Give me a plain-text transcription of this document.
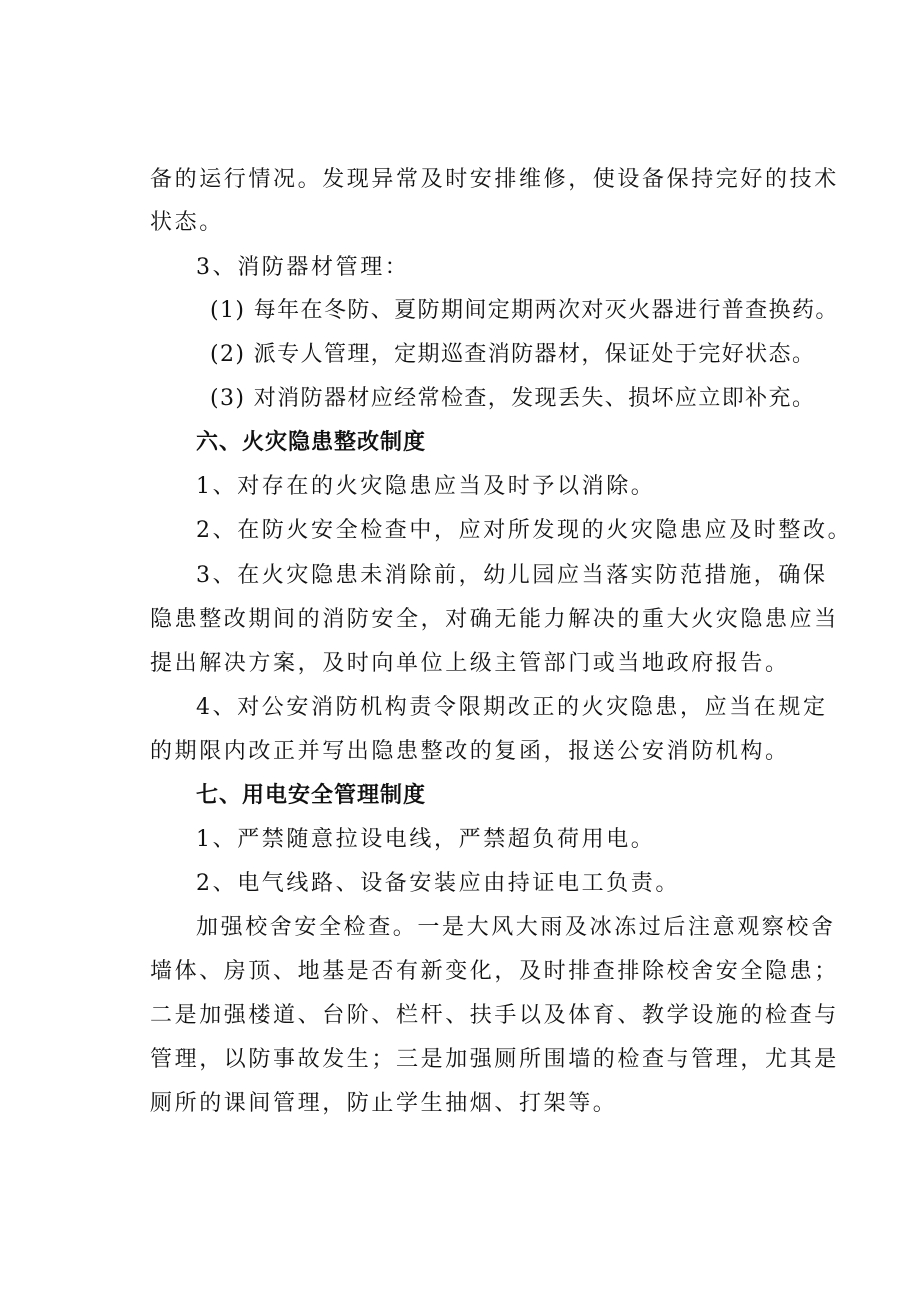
备的运行情况。发现异常及时安排维修，使设备保持完好的技术
状态。
3、消防器材管理：
(1) 每年在冬防、夏防期间定期两次对灭火器进行普查换药。
(2) 派专人管理，定期巡查消防器材，保证处于完好状态。
(3) 对消防器材应经常检查，发现丢失、损坏应立即补充。
六、火灾隐患整改制度
1、对存在的火灾隐患应当及时予以消除。
2、在防火安全检查中，应对所发现的火灾隐患应及时整改。
3、在火灾隐患未消除前，幼儿园应当落实防范措施，确保
隐患整改期间的消防安全，对确无能力解决的重大火灾隐患应当
提出解决方案，及时向单位上级主管部门或当地政府报告。
4、对公安消防机构责令限期改正的火灾隐患，应当在规定
的期限内改正并写出隐患整改的复函，报送公安消防机构。
七、用电安全管理制度
1、严禁随意拉设电线，严禁超负荷用电。
2、电气线路、设备安装应由持证电工负责。
加强校舍安全检查。一是大风大雨及冰冻过后注意观察校舍
墙体、房顶、地基是否有新变化，及时排查排除校舍安全隐患；
二是加强楼道、台阶、栏杆、扶手以及体育、教学设施的检查与
管理，以防事故发生；三是加强厕所围墙的检查与管理，尤其是
厕所的课间管理，防止学生抽烟、打架等。
